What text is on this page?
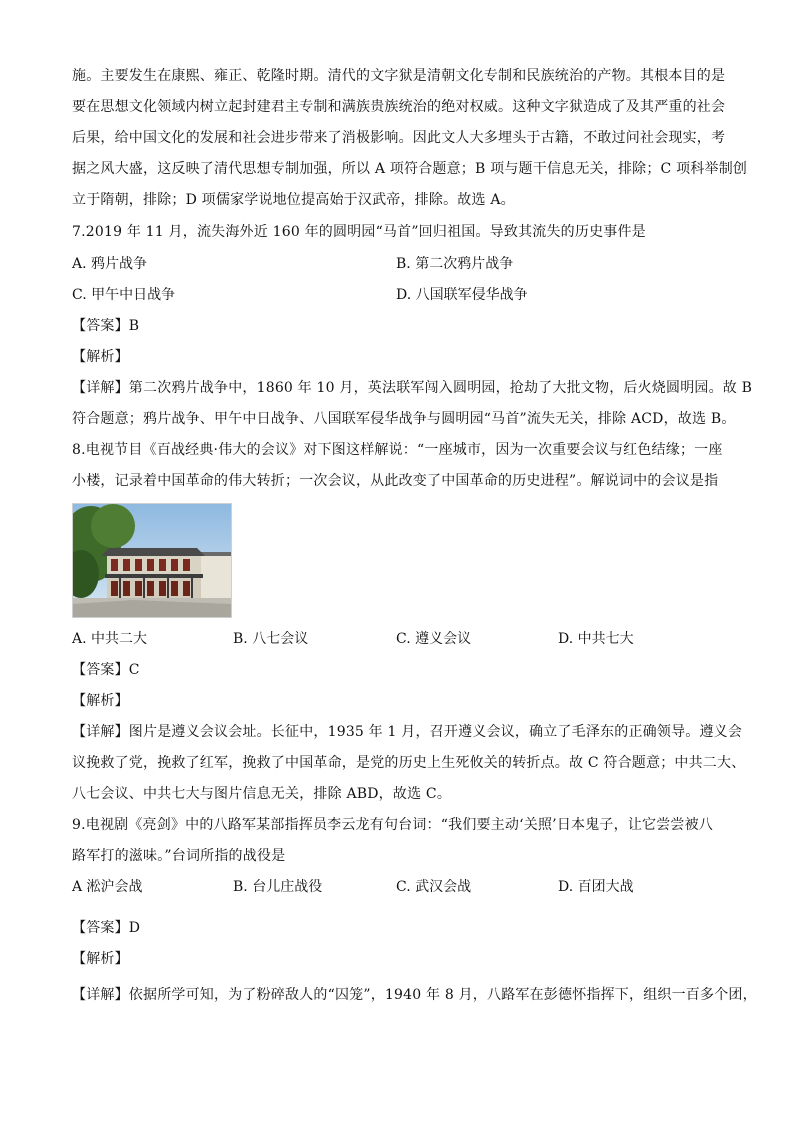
施。主要发生在康熙、雍正、乾隆时期。清代的文字狱是清朝文化专制和民族统治的产物。其根本目的是
要在思想文化领域内树立起封建君主专制和满族贵族统治的绝对权威。这种文字狱造成了及其严重的社会
后果，给中国文化的发展和社会进步带来了消极影响。因此文人大多埋头于古籍，不敢过问社会现实，考
据之风大盛，这反映了清代思想专制加强，所以 A 项符合题意；B 项与题干信息无关，排除；C 项科举制创
立于隋朝，排除；D 项儒家学说地位提高始于汉武帝，排除。故选 A。
7.2019 年 11 月，流失海外近 160 年的圆明园“马首”回归祖国。导致其流失的历史事件是
A. 鸦片战争	B. 第二次鸦片战争
C. 甲午中日战争	D. 八国联军侵华战争
【答案】B
【解析】
【详解】第二次鸦片战争中，1860 年 10 月，英法联军闯入圆明园，抢劫了大批文物，后火烧圆明园。故 B
符合题意；鸦片战争、甲午中日战争、八国联军侵华战争与圆明园“马首”流失无关，排除 ACD，故选 B。
8.电视节目《百战经典·伟大的会议》对下图这样解说：“一座城市，因为一次重要会议与红色结缘；一座
小楼，记录着中国革命的伟大转折；一次会议，从此改变了中国革命的历史进程”。解说词中的会议是指
A. 中共二大	B. 八七会议	C. 遵义会议	D. 中共七大
【答案】C
【解析】
【详解】图片是遵义会议会址。长征中，1935 年 1 月，召开遵义会议，确立了毛泽东的正确领导。遵义会
议挽救了党，挽救了红军，挽救了中国革命，是党的历史上生死攸关的转折点。故 C 符合题意；中共二大、
八七会议、中共七大与图片信息无关，排除 ABD，故选 C。
9.电视剧《亮剑》中的八路军某部指挥员李云龙有句台词：“我们要主动‘关照’日本鬼子，让它尝尝被八
路军打的滋味。”台词所指的战役是
A 淞沪会战	B. 台儿庄战役	C. 武汉会战	D. 百团大战
【答案】D
【解析】
【详解】依据所学可知，为了粉碎敌人的“囚笼”，1940 年 8 月，八路军在彭德怀指挥下，组织一百多个团，
